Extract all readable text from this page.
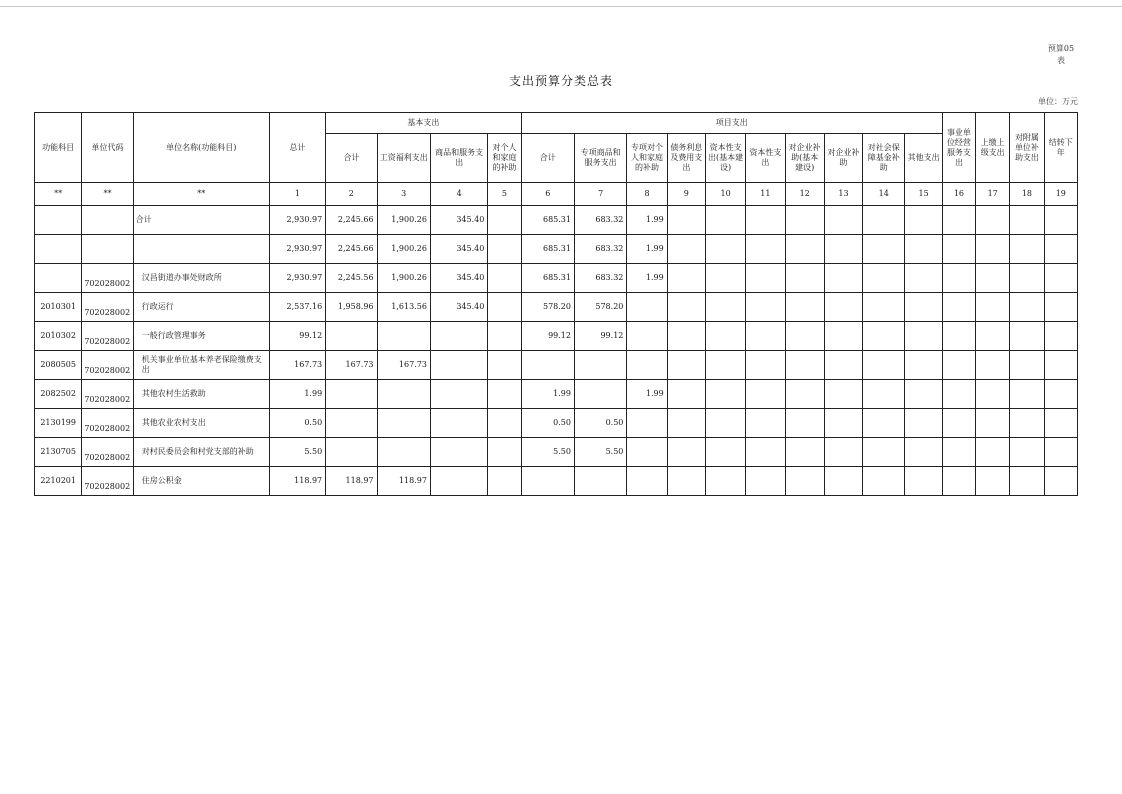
预算05
表
支出预算分类总表
单位：万元
功能科目	单位代码	单位名称(功能科目)	总计	基本支出				项目支出										事业单位经营服务支出	上缴上级支出	对附属单位补助支出	结转下年
				合计	工资福利支出	商品和服务支出	对个人和家庭的补助	合计	专项商品和服务支出	专项对个人和家庭的补助	债务利息及费用支出	资本性支出(基本建设)	资本性支出	对企业补助(基本建设)	对企业补助	对社会保障基金补助	其他支出				
**	**	**	1	2	3	4	5	6	7	8	9	10	11	12	13	14	15	16	17	18	19
		合计	2,930.97	2,245.66	1,900.26	345.40		685.31	683.32	1.99											
			2,930.97	2,245.66	1,900.26	345.40		685.31	683.32	1.99											
	702028002	汉昌街道办事处财政所	2,930.97	2,245.56	1,900.26	345.40		685.31	683.32	1.99											
2010301	702028002	行政运行	2,537.16	1,958.96	1,613.56	345.40		578.20	578.20												
2010302	702028002	一般行政管理事务	99.12					99.12	99.12												
2080505	702028002	机关事业单位基本养老保险缴费支出	167.73	167.73	167.73																
2082502	702028002	其他农村生活救助	1.99					1.99		1.99											
2130199	702028002	其他农业农村支出	0.50					0.50	0.50												
2130705	702028002	对村民委员会和村党支部的补助	5.50					5.50	5.50												
2210201	702028002	住房公积金	118.97	118.97	118.97																
